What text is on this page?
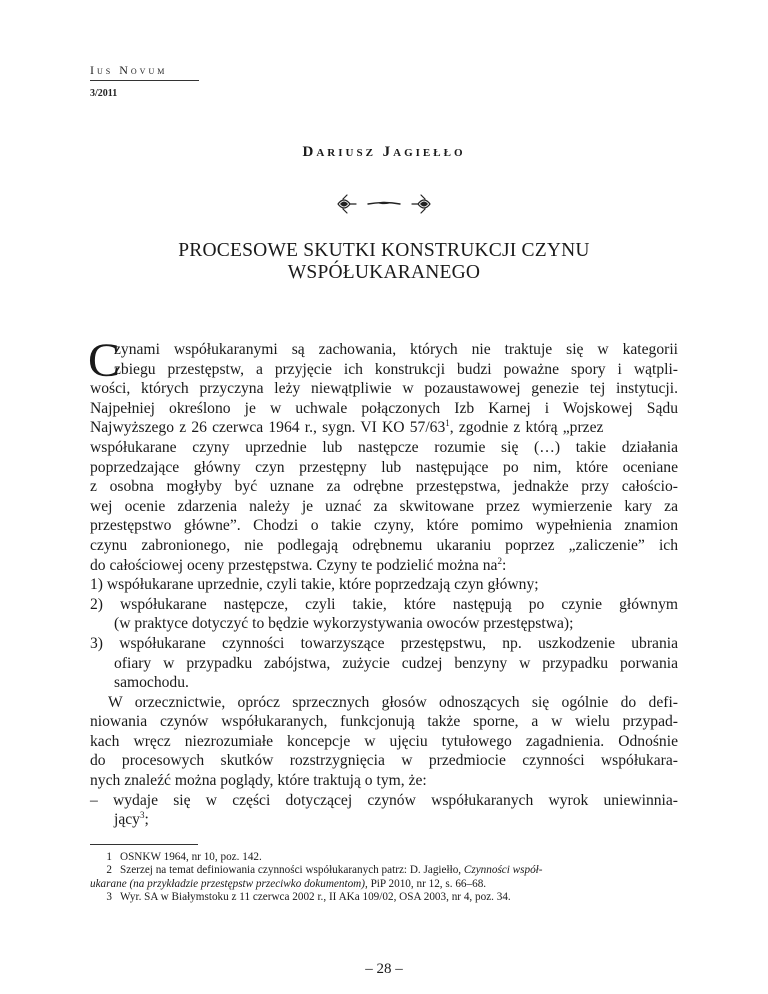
Ius Novum
3/2011
Dariusz Jagiełło
PROCESOWE SKUTKI KONSTRUKCJI CZYNU
WSPÓŁUKARANEGO
C
zynami współukaranymi są zachowania, których nie traktuje się w kategorii
zbiegu przestępstw, a przyjęcie ich konstrukcji budzi poważne spory i wątpli-
wości, których przyczyna leży niewątpliwie w pozaustawowej genezie tej instytucji.
Najpełniej określono je w uchwale połączonych Izb Karnej i Wojskowej Sądu
Najwyższego z 26 czerwca 1964 r., sygn. VI KO $57/63^1$, zgodnie z którą „przez
współukarane czyny uprzednie lub następcze rozumie się (…) takie działania
poprzedzające główny czyn przestępny lub następujące po nim, które oceniane
z osobna mogłyby być uznane za odrębne przestępstwa, jednakże przy całościo-
wej ocenie zdarzenia należy je uznać za skwitowane przez wymierzenie kary za
przestępstwo główne”. Chodzi o takie czyny, które pomimo wypełnienia znamion
czynu zabronionego, nie podlegają odrębnemu ukaraniu poprzez „zaliczenie” ich
do całościowej oceny przestępstwa. Czyny te podzielić można $na^2$:
1) współukarane uprzednie, czyli takie, które poprzedzają czyn główny;
2) współukarane następcze, czyli takie, które następują po czynie głównym
(w praktyce dotyczyć to będzie wykorzystywania owoców przestępstwa);
3) współukarane czynności towarzyszące przestępstwu, np. uszkodzenie ubrania
ofiary w przypadku zabójstwa, zużycie cudzej benzyny w przypadku porwania
samochodu.
W orzecznictwie, oprócz sprzecznych głosów odnoszących się ogólnie do defi-
niowania czynów współukaranych, funkcjonują także sporne, a w wielu przypad-
kach wręcz niezrozumiałe koncepcje w ujęciu tytułowego zagadnienia. Odnośnie
do procesowych skutków rozstrzygnięcia w przedmiocie czynności współukara-
nych znaleźć można poglądy, które traktują o tym, że:
– wydaje się w części dotyczącej czynów współukaranych wyrok uniewinnia-
jący$^3$;
1 OSNKW 1964, nr 10, poz. 142.
2 Szerzej na temat definiowania czynności współukaranych patrz: D. Jagiełło, Czynności współ-
ukarane (na przykładzie przestępstw przeciwko dokumentom), PiP 2010, nr 12, s. 66–68.
3 Wyr. SA w Białymstoku z 11 czerwca 2002 r., II AKa 109/02, OSA 2003, nr 4, poz. 34.
– 28 –
